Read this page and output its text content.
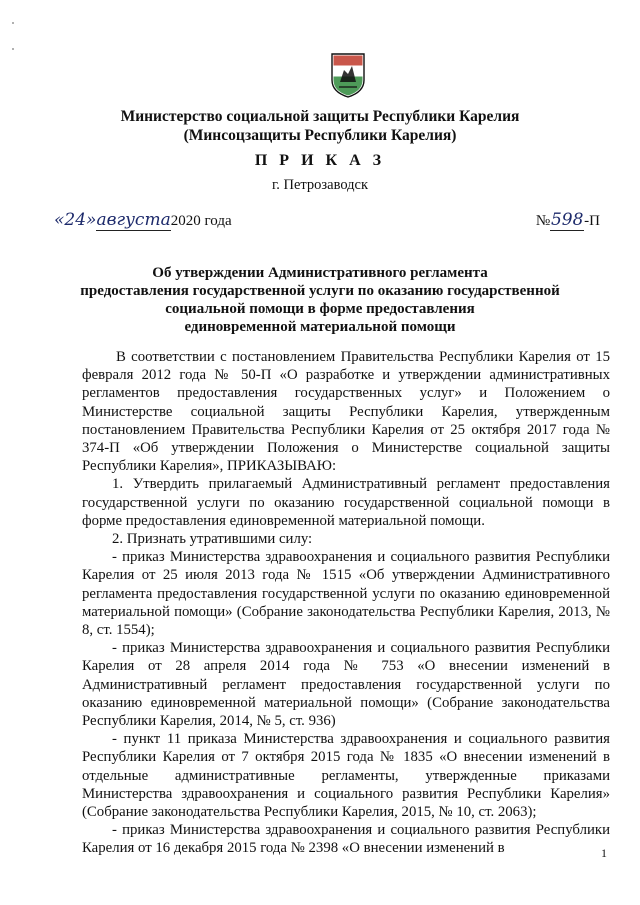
Министерство социальной защиты Республики Карелия
(Минсоцзащиты Республики Карелия)
П Р И К А З
г. Петрозаводск
«24»августа2020 года	№598-П
Об утверждении Административного регламента
предоставления государственной услуги по оказанию государственной
социальной помощи в форме предоставления
единовременной материальной помощи

В соответствии с постановлением Правительства Республики Карелия от 15 февраля 2012 года № 50-П «О разработке и утверждении административных регламентов предоставления государственных услуг» и Положением о Министерстве социальной защиты Республики Карелия, утвержденным постановлением Правительства Республики Карелия от 25 октября 2017 года № 374-П «Об утверждении Положения о Министерстве социальной защиты Республики Карелия», ПРИКАЗЫВАЮ:

1. Утвердить прилагаемый Административный регламент предоставления государственной услуги по оказанию государственной социальной помощи в форме предоставления единовременной материальной помощи.

2. Признать утратившими силу:

- приказ Министерства здравоохранения и социального развития Республики Карелия от 25 июля 2013 года № 1515 «Об утверждении Административного регламента предоставления государственной услуги по оказанию единовременной материальной помощи» (Собрание законодательства Республики Карелия, 2013, № 8, ст. 1554);

- приказ Министерства здравоохранения и социального развития Республики Карелия от 28 апреля 2014 года № 753 «О внесении изменений в Административный регламент предоставления государственной услуги по оказанию единовременной материальной помощи» (Собрание законодательства Республики Карелия, 2014, № 5, ст. 936)

- пункт 11 приказа Министерства здравоохранения и социального развития Республики Карелия от 7 октября 2015 года № 1835 «О внесении изменений в отдельные административные регламенты, утвержденные приказами Министерства здравоохранения и социального развития Республики Карелия» (Собрание законодательства Республики Карелия, 2015, № 10, ст. 2063);

- приказ Министерства здравоохранения и социального развития Республики Карелия от 16 декабря 2015 года № 2398 «О внесении изменений в	1
